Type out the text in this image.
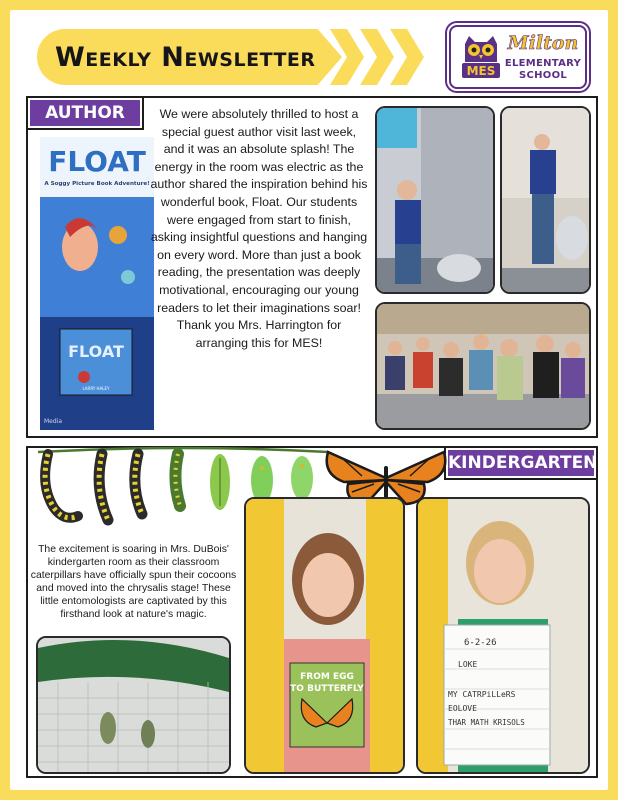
Weekly Newsletter	MES
Milton
ELEMENTARY
SCHOOL
AUTHOR
FLOAT
A Soggy Picture Book Adventure!
FLOAT
LARRY HALEY
Media

We were absolutely thrilled to host a special guest author visit last week, and it was an absolute splash! The energy in the room was electric as the author shared the inspiration behind his wonderful book, Float. Our students were engaged from start to finish, asking insightful questions and hanging on every word. More than just a book reading, the presentation was deeply motivational, encouraging our young readers to let their imaginations soar!

Thank you Mrs. Harrington for arranging this for MES!

KINDERGARTEN
The excitement is soaring in Mrs. DuBois' kindergarten room as their classroom caterpillars have officially spun their cocoons and moved into the chrysalis stage! These little entomologists are captivated by this firsthand look at nature's magic.
FROM EGG
TO BUTTERFLY
6-2-26
LOKE
MY CATRPiLLeRS
EOLOVE
THAR MATH KRISOLS
